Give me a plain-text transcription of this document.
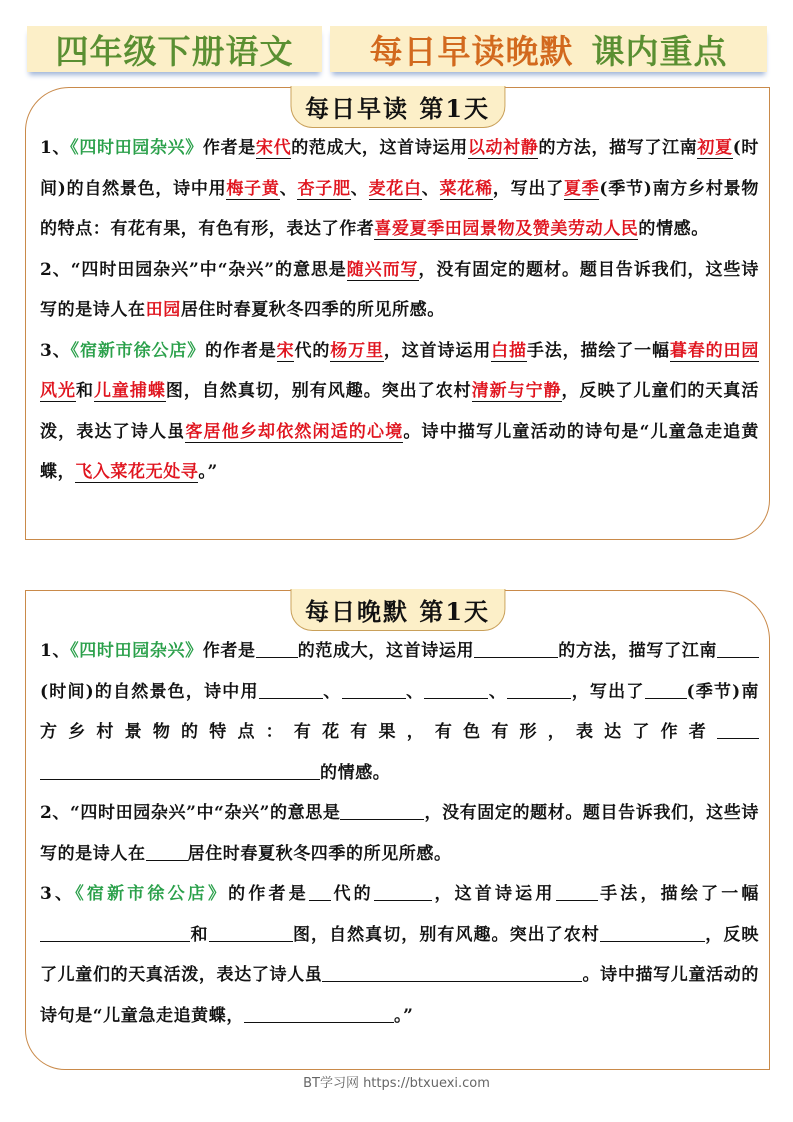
四年级下册语文	每日早读晚默 课内重点
每日早读 第1天

1、《四时田园杂兴》作者是宋代的范成大，这首诗运用以动衬静的方法，描写了江南初夏(时间)的自然景色，诗中用梅子黄、杏子肥、麦花白、菜花稀，写出了夏季(季节)南方乡村景物的特点：有花有果，有色有形，表达了作者喜爱夏季田园景物及赞美劳动人民的情感。

2、“四时田园杂兴”中“杂兴”的意思是随兴而写，没有固定的题材。题目告诉我们，这些诗写的是诗人在田园居住时春夏秋冬四季的所见所感。

3、《宿新市徐公店》的作者是宋代的杨万里，这首诗运用白描手法，描绘了一幅暮春的田园风光和儿童捕蝶图，自然真切，别有风趣。突出了农村清新与宁静，反映了儿童们的天真活泼，表达了诗人虽客居他乡却依然闲适的心境。诗中描写儿童活动的诗句是“儿童急走追黄蝶，飞入菜花无处寻。”

每日晚默 第1天

1、《四时田园杂兴》作者是 的范成大，这首诗运用	的方法，描写了江南(时间)的自然景色，诗中用	、	、	、	，写出了 (季节)南方乡村景物的特点：有花有果，有色有形，表达了作者的情感。

2、“四时田园杂兴”中“杂兴”的意思是	，没有固定的题材。题目告诉我们，这些诗写的是诗人在 居住时春夏秋冬四季的所见所感。

3、《宿新市徐公店》的作者是 代的	，这首诗运用 手法，描绘了一幅和	图，自然真切，别有风趣。突出了农村	，反映了儿童们的天真活泼，表达了诗人虽	。诗中描写儿童活动的诗句是“儿童急走追黄蝶，	。”

BT学习网 https://btxuexi.com
